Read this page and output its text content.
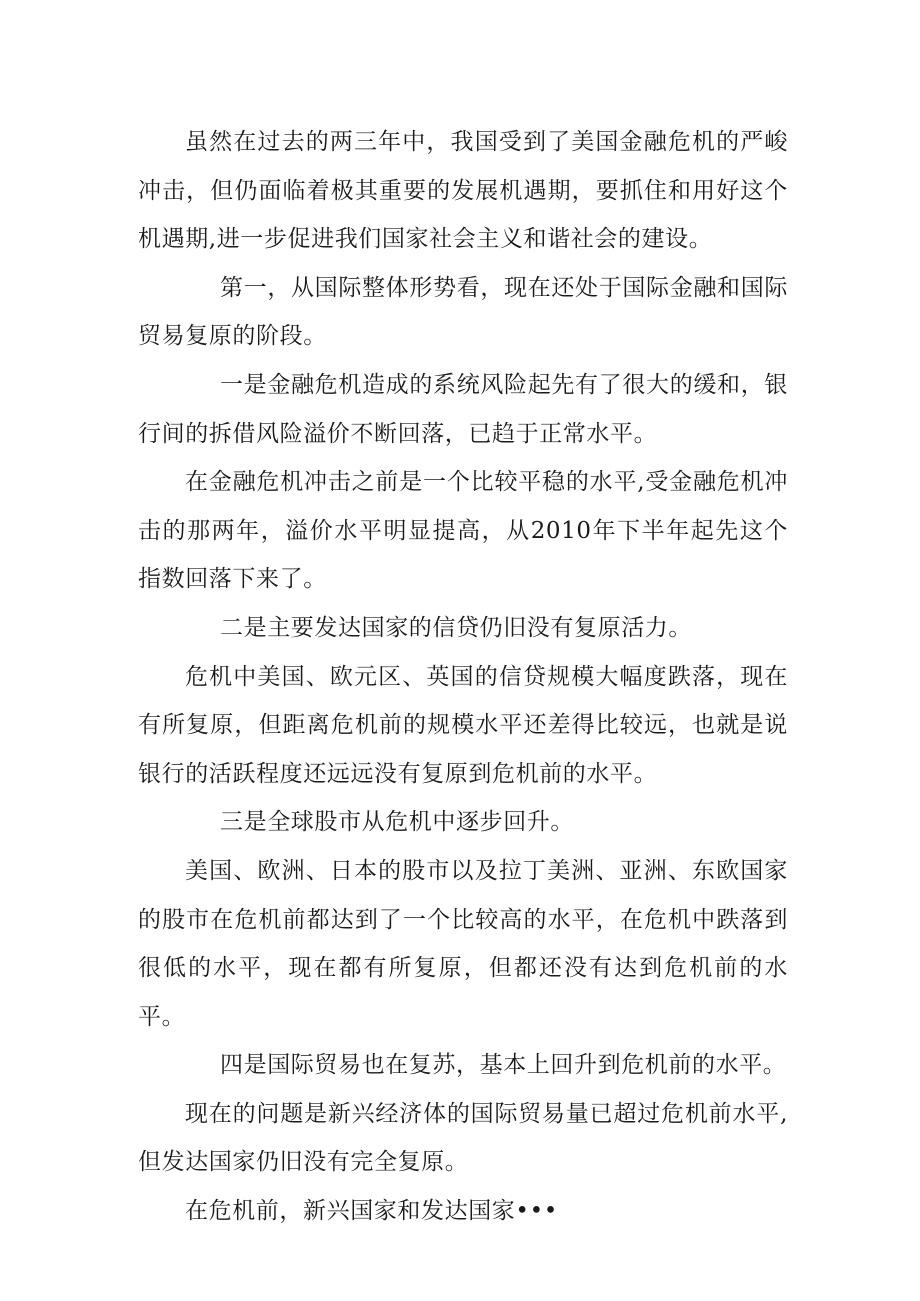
虽然在过去的两三年中，我国受到了美国金融危机的严峻冲击，但仍面临着极其重要的发展机遇期，要抓住和用好这个机遇期,进一步促进我们国家社会主义和谐社会的建设。

第一，从国际整体形势看，现在还处于国际金融和国际贸易复原的阶段。

一是金融危机造成的系统风险起先有了很大的缓和，银行间的拆借风险溢价不断回落，已趋于正常水平。

在金融危机冲击之前是一个比较平稳的水平,受金融危机冲击的那两年，溢价水平明显提高，从2010年下半年起先这个指数回落下来了。

二是主要发达国家的信贷仍旧没有复原活力。

危机中美国、欧元区、英国的信贷规模大幅度跌落，现在有所复原，但距离危机前的规模水平还差得比较远，也就是说银行的活跃程度还远远没有复原到危机前的水平。

三是全球股市从危机中逐步回升。

美国、欧洲、日本的股市以及拉丁美洲、亚洲、东欧国家的股市在危机前都达到了一个比较高的水平，在危机中跌落到很低的水平，现在都有所复原，但都还没有达到危机前的水平。

四是国际贸易也在复苏，基本上回升到危机前的水平。

现在的问题是新兴经济体的国际贸易量已超过危机前水平,但发达国家仍旧没有完全复原。

在危机前，新兴国家和发达国家•••
